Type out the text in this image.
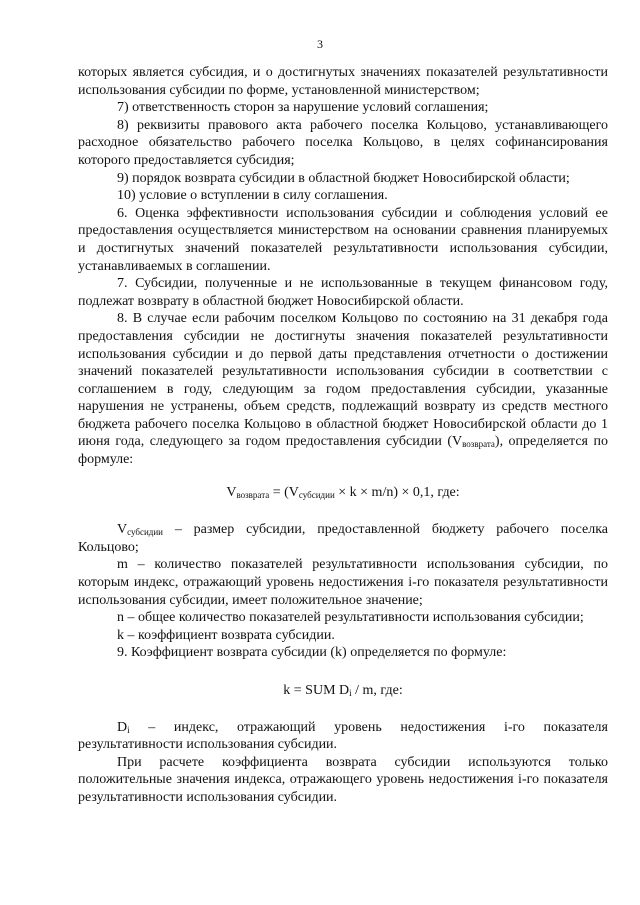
3

которых является субсидия, и о достигнутых значениях показателей результативности использования субсидии по форме, установленной министерством;

7) ответственность сторон за нарушение условий соглашения;

8) реквизиты правового акта рабочего поселка Кольцово, устанавливающего расходное обязательство рабочего поселка Кольцово, в целях софинансирования которого предоставляется субсидия;

9) порядок возврата субсидии в областной бюджет Новосибирской области;

10) условие о вступлении в силу соглашения.

6. Оценка эффективности использования субсидии и соблюдения условий ее предоставления осуществляется министерством на основании сравнения планируемых и достигнутых значений показателей результативности использования субсидии, устанавливаемых в соглашении.

7. Субсидии, полученные и не использованные в текущем финансовом году, подлежат возврату в областной бюджет Новосибирской области.

8. В случае если рабочим поселком Кольцово по состоянию на 31 декабря года предоставления субсидии не достигнуты значения показателей результативности использования субсидии и до первой даты представления отчетности о достижении значений показателей результативности использования субсидии в соответствии с соглашением в году, следующим за годом предоставления субсидии, указанные нарушения не устранены, объем средств, подлежащий возврату из средств местного бюджета рабочего поселка Кольцово в областной бюджет Новосибирской области до 1 июня года, следующего за годом предоставления субсидии $(V_{возврата})$, определяется по формуле:

$V_{возврата} = (V_{субсидии} \times k \times m/n) \times 0,1$, где:

$V_{субсидии}$ – размер субсидии, предоставленной бюджету рабочего поселка Кольцово;

m – количество показателей результативности использования субсидии, по которым индекс, отражающий уровень недостижения i-го показателя результативности использования субсидии, имеет положительное значение;

n – общее количество показателей результативности использования субсидии;

k – коэффициент возврата субсидии.

9. Коэффициент возврата субсидии (k) определяется по формуле:

k = SUM $D_i$ / m, где:

$D_i$ – индекс, отражающий уровень недостижения i-го показателя результативности использования субсидии.

При расчете коэффициента возврата субсидии используются только положительные значения индекса, отражающего уровень недостижения i-го показателя результативности использования субсидии.
